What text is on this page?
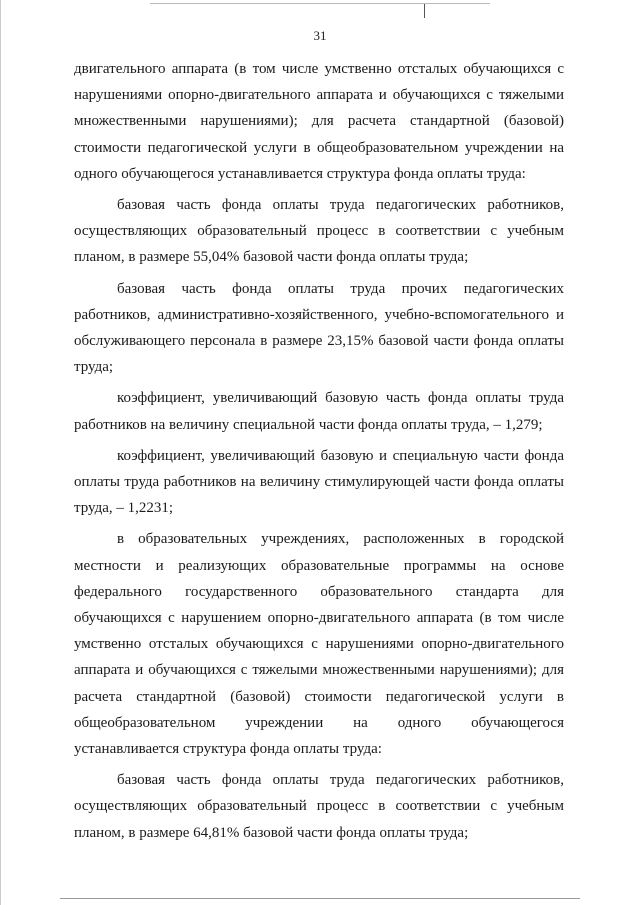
31

двигательного аппарата (в том числе умственно отсталых обучающихся с нарушениями опорно-двигательного аппарата и обучающихся с тяжелыми множественными нарушениями); для расчета стандартной (базовой) стоимости педагогической услуги в общеобразовательном учреждении на одного обучающегося устанавливается структура фонда оплаты труда:

базовая часть фонда оплаты труда педагогических работников, осуществляющих образовательный процесс в соответствии с учебным планом, в размере 55,04% базовой части фонда оплаты труда;

базовая часть фонда оплаты труда прочих педагогических работников, административно-хозяйственного, учебно-вспомогательного и обслуживающего персонала в размере 23,15% базовой части фонда оплаты труда;

коэффициент, увеличивающий базовую часть фонда оплаты труда работников на величину специальной части фонда оплаты труда, – 1,279;

коэффициент, увеличивающий базовую и специальную части фонда оплаты труда работников на величину стимулирующей части фонда оплаты труда, – 1,2231;

в образовательных учреждениях, расположенных в городской местности и реализующих образовательные программы на основе федерального государственного образовательного стандарта для обучающихся с нарушением опорно-двигательного аппарата (в том числе умственно отсталых обучающихся с нарушениями опорно-двигательного аппарата и обучающихся с тяжелыми множественными нарушениями); для расчета стандартной (базовой) стоимости педагогической услуги в общеобразовательном учреждении на одного обучающегося устанавливается структура фонда оплаты труда:

базовая часть фонда оплаты труда педагогических работников, осуществляющих образовательный процесс в соответствии с учебным планом, в размере 64,81% базовой части фонда оплаты труда;
